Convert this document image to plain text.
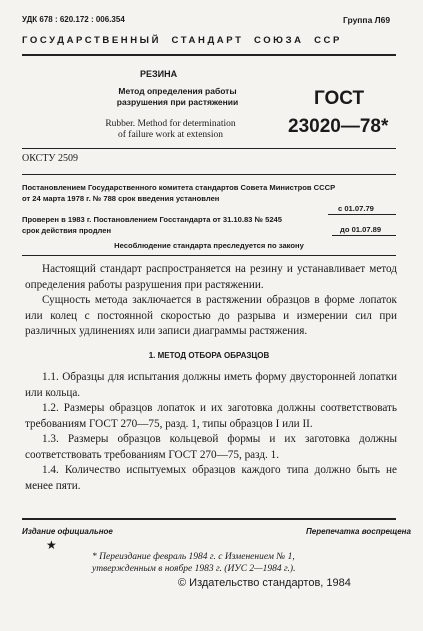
УДК 678 : 620.172 : 006.354	Группа Л69
ГОСУДАРСТВЕННЫЙ  СТАНДАРТ  СОЮЗА  ССР
РЕЗИНА
Метод определения работы
разрушения при растяжении
Rubber. Method for determination
of failure work at extension
ГОСТ
23020—78*
ОКСТУ 2509
Постановлением Государственного комитета стандартов Совета Министров СССР
от 24 марта 1978 г. № 788 срок введения установлен
с 01.07.79
Проверен в 1983 г. Постановлением Госстандарта от 31.10.83 № 5245
срок действия продлен	до 01.07.89
Несоблюдение стандарта преследуется по закону

Настоящий стандарт распространяется на резину и устанавливает метод определения работы разрушения при растяжении.

Сущность метода заключается в растяжении образцов в форме лопаток или колец с постоянной скоростью до разрыва и измерении сил при различных удлинениях или записи диаграммы растяжения.

1. МЕТОД ОТБОРА ОБРАЗЦОВ

1.1. Образцы для испытания должны иметь форму двусторонней лопатки или кольца.

1.2. Размеры образцов лопаток и их заготовка должны соответствовать требованиям ГОСТ 270—75, разд. 1, типы образцов I или II.

1.3. Размеры образцов кольцевой формы и их заготовка должны соответствовать требованиям ГОСТ 270—75, разд. 1.

1.4. Количество испытуемых образцов каждого типа должно быть не менее пяти.

Издание официальное	Перепечатка воспрещена
★
* Переиздание февраль 1984 г. с Изменением № 1,
утвержденным в ноябре 1983 г. (ИУС 2—1984 г.).
© Издательство стандартов, 1984
